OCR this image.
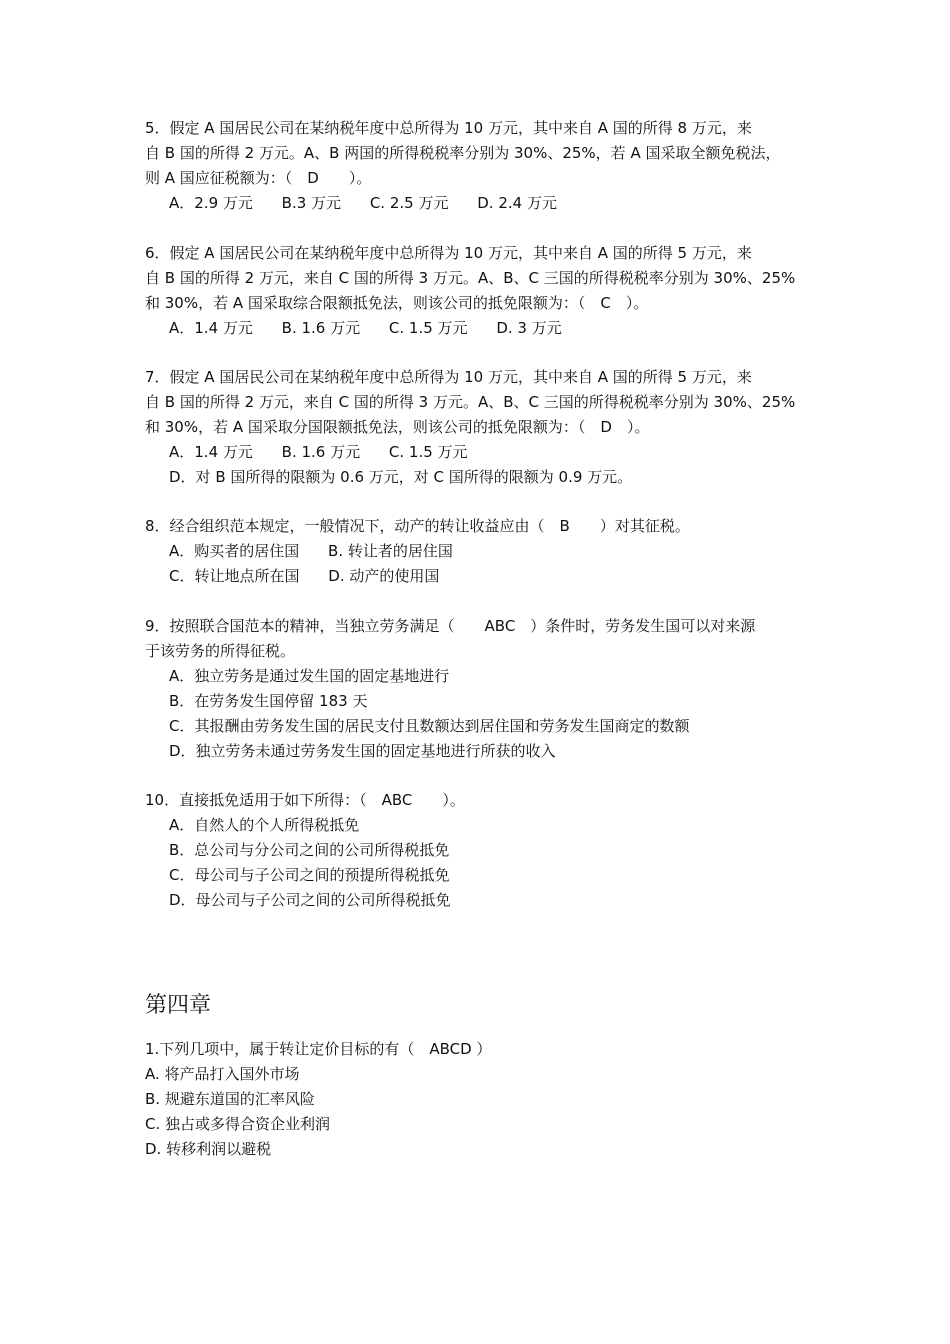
5．假定 A 国居民公司在某纳税年度中总所得为 10 万元，其中来自 A 国的所得 8 万元，来
自 B 国的所得 2 万元。A、B 两国的所得税税率分别为 30%、25%，若 A 国采取全额免税法，
则 A 国应征税额为：（　D　　）。
A．2.9 万元 B.3 万元 C. 2.5 万元 D. 2.4 万元
6．假定 A 国居民公司在某纳税年度中总所得为 10 万元，其中来自 A 国的所得 5 万元，来
自 B 国的所得 2 万元，来自 C 国的所得 3 万元。A、B、C 三国的所得税税率分别为 30%、25%
和 30%，若 A 国采取综合限额抵免法，则该公司的抵免限额为：（　C　）。
A．1.4 万元 B. 1.6 万元 C. 1.5 万元 D. 3 万元
7．假定 A 国居民公司在某纳税年度中总所得为 10 万元，其中来自 A 国的所得 5 万元，来
自 B 国的所得 2 万元，来自 C 国的所得 3 万元。A、B、C 三国的所得税税率分别为 30%、25%
和 30%，若 A 国采取分国限额抵免法，则该公司的抵免限额为：（　D　）。
A．1.4 万元 B. 1.6 万元 C. 1.5 万元
D．对 B 国所得的限额为 0.6 万元，对 C 国所得的限额为 0.9 万元。
8．经合组织范本规定，一般情况下，动产的转让收益应由（　B　　）对其征税。
A．购买者的居住国 B. 转让者的居住国
C．转让地点所在国 D. 动产的使用国
9．按照联合国范本的精神，当独立劳务满足（　　ABC　）条件时，劳务发生国可以对来源
于该劳务的所得征税。
A．独立劳务是通过发生国的固定基地进行
B．在劳务发生国停留 183 天
C．其报酬由劳务发生国的居民支付且数额达到居住国和劳务发生国商定的数额
D．独立劳务未通过劳务发生国的固定基地进行所获的收入
10．直接抵免适用于如下所得：（　ABC　　）。
A．自然人的个人所得税抵免
B．总公司与分公司之间的公司所得税抵免
C．母公司与子公司之间的预提所得税抵免
D．母公司与子公司之间的公司所得税抵免
第四章
1.下列几项中，属于转让定价目标的有（　ABCD ）
A. 将产品打入国外市场
B. 规避东道国的汇率风险
C. 独占或多得合资企业利润
D. 转移利润以避税
